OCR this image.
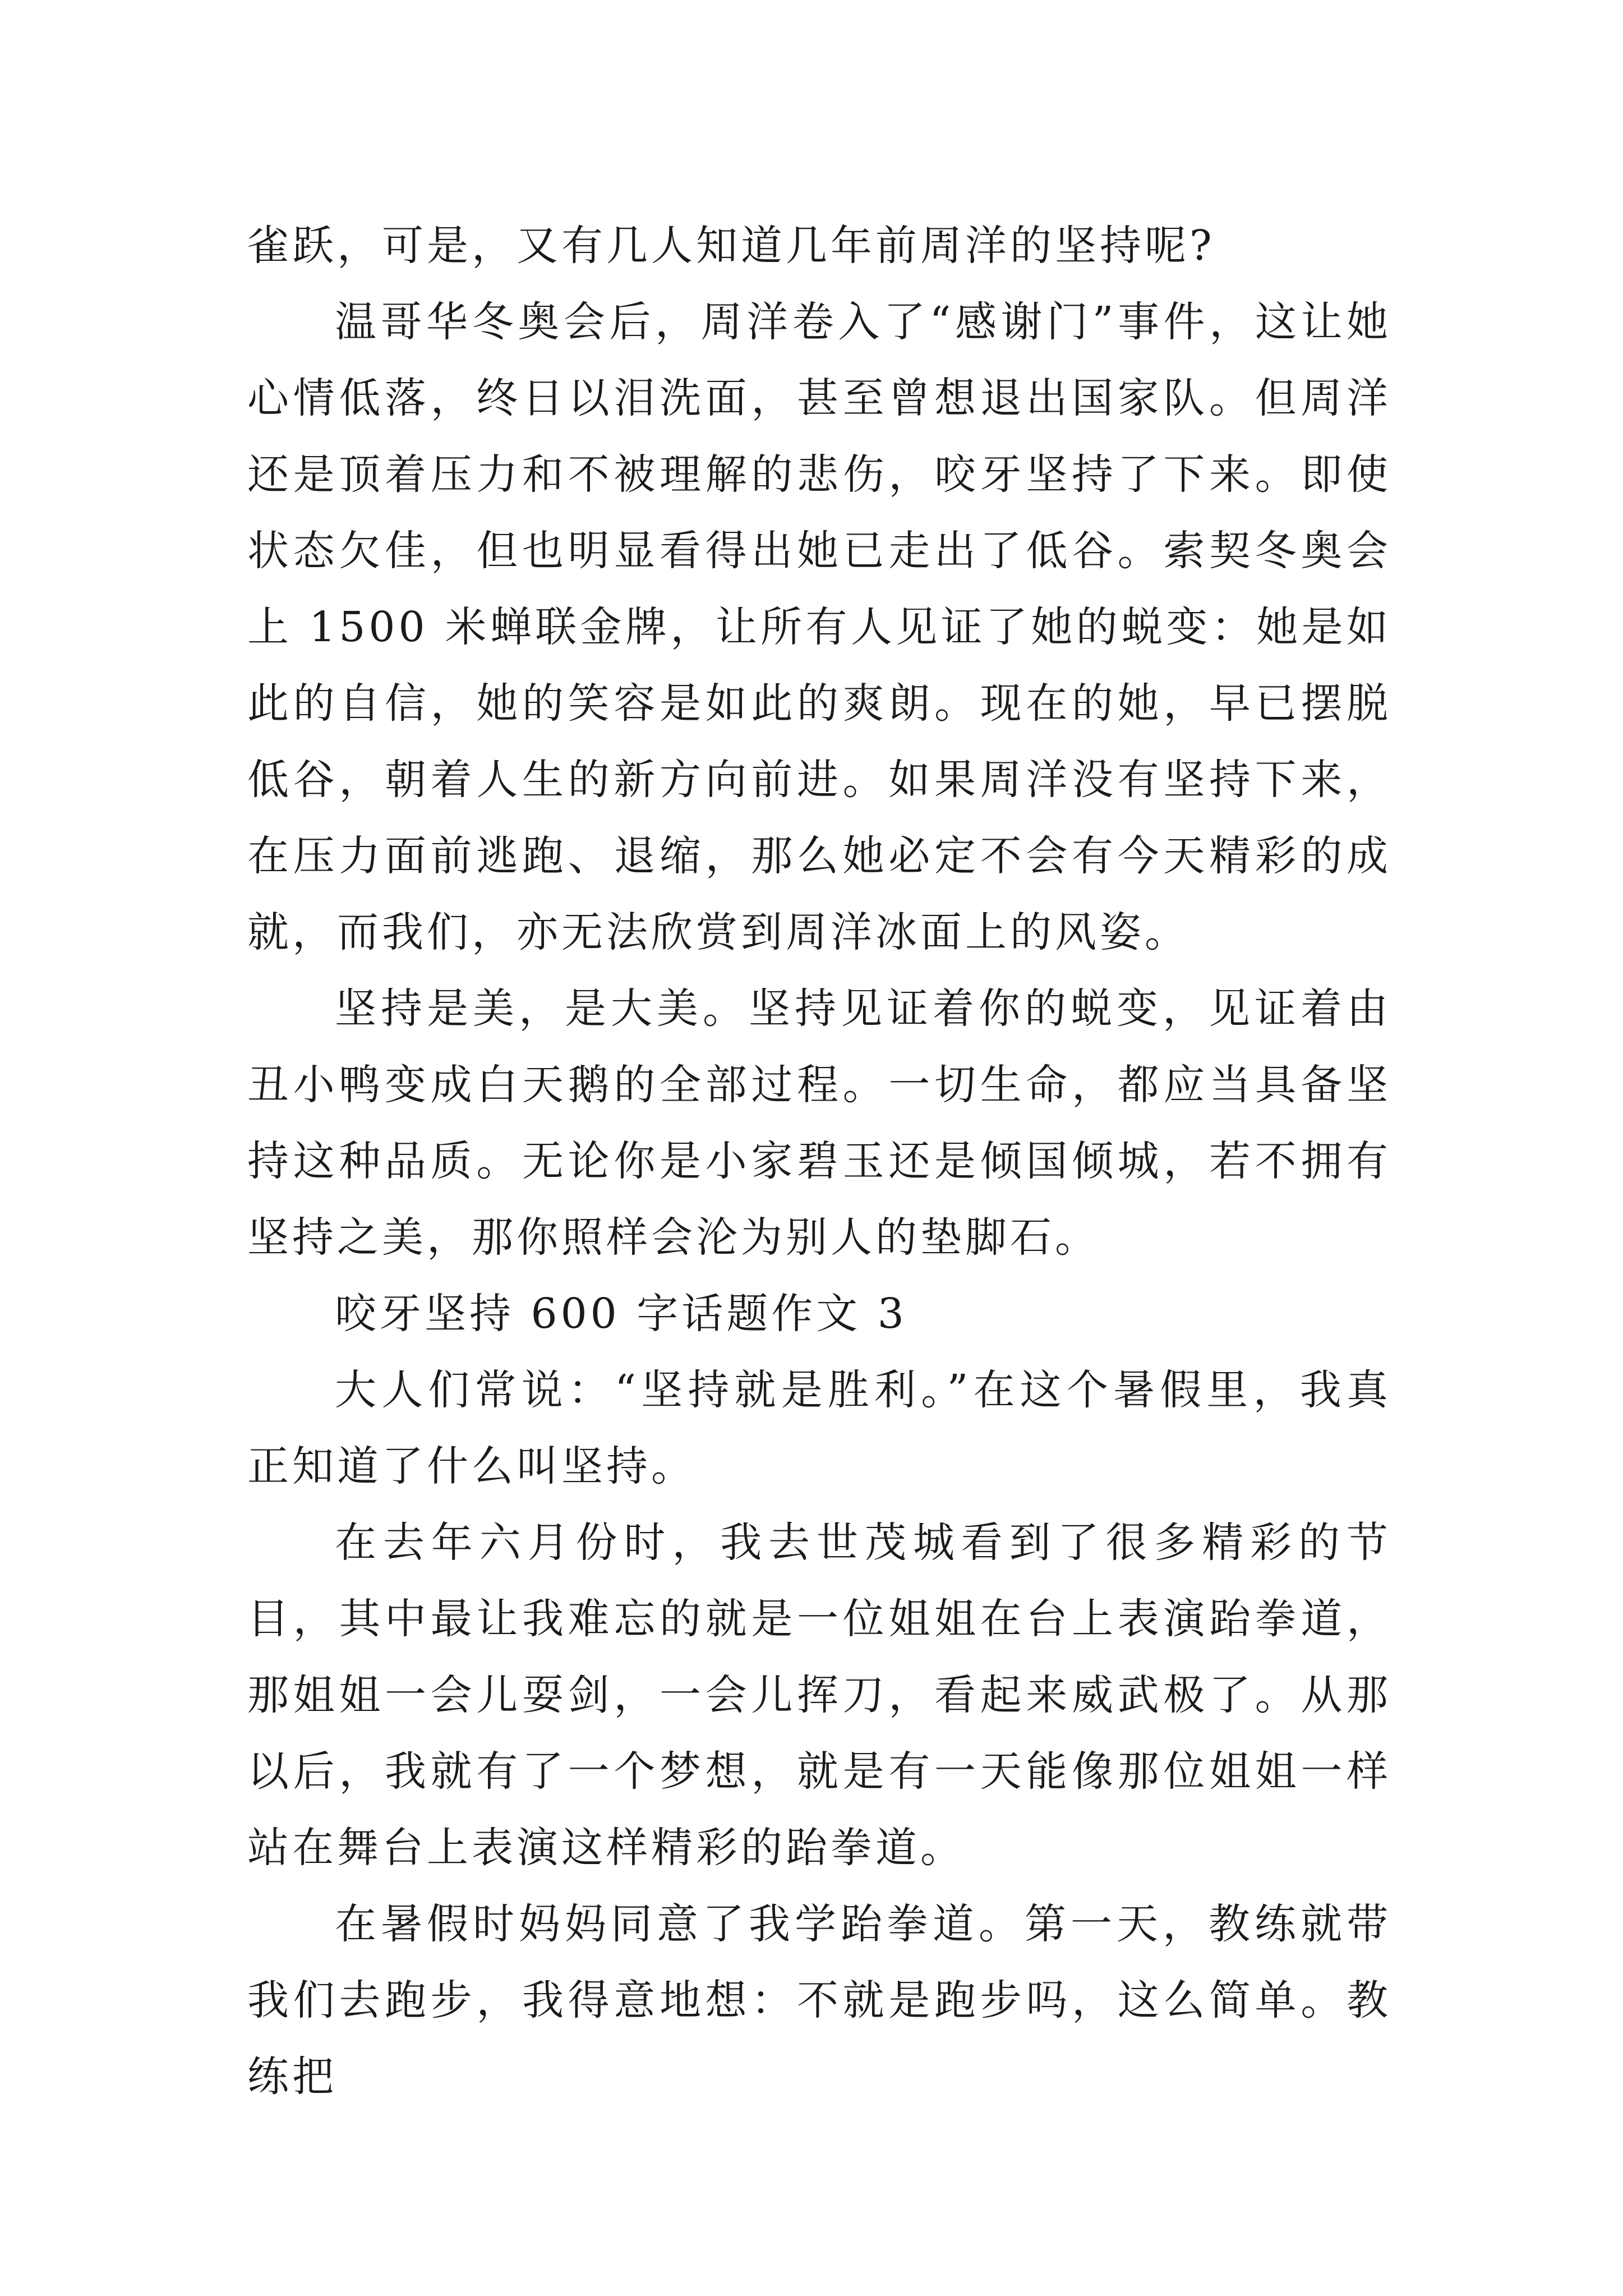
雀跃，可是，又有几人知道几年前周洋的坚持呢?

温哥华冬奥会后，周洋卷入了“感谢门”事件，这让她心情低落，终日以泪洗面，甚至曾想退出国家队。但周洋还是顶着压力和不被理解的悲伤，咬牙坚持了下来。即使状态欠佳，但也明显看得出她已走出了低谷。索契冬奥会上 1500 米蝉联金牌，让所有人见证了她的蜕变：她是如此的自信，她的笑容是如此的爽朗。现在的她，早已摆脱低谷，朝着人生的新方向前进。如果周洋没有坚持下来，在压力面前逃跑、退缩，那么她必定不会有今天精彩的成就，而我们，亦无法欣赏到周洋冰面上的风姿。

坚持是美，是大美。坚持见证着你的蜕变，见证着由丑小鸭变成白天鹅的全部过程。一切生命，都应当具备坚持这种品质。无论你是小家碧玉还是倾国倾城，若不拥有坚持之美，那你照样会沦为别人的垫脚石。

咬牙坚持 600 字话题作文 3

大人们常说：“坚持就是胜利。”在这个暑假里，我真正知道了什么叫坚持。

在去年六月份时，我去世茂城看到了很多精彩的节目，其中最让我难忘的就是一位姐姐在台上表演跆拳道，那姐姐一会儿耍剑，一会儿挥刀，看起来威武极了。从那以后，我就有了一个梦想，就是有一天能像那位姐姐一样站在舞台上表演这样精彩的跆拳道。

在暑假时妈妈同意了我学跆拳道。第一天，教练就带我们去跑步，我得意地想：不就是跑步吗，这么简单。教练把
